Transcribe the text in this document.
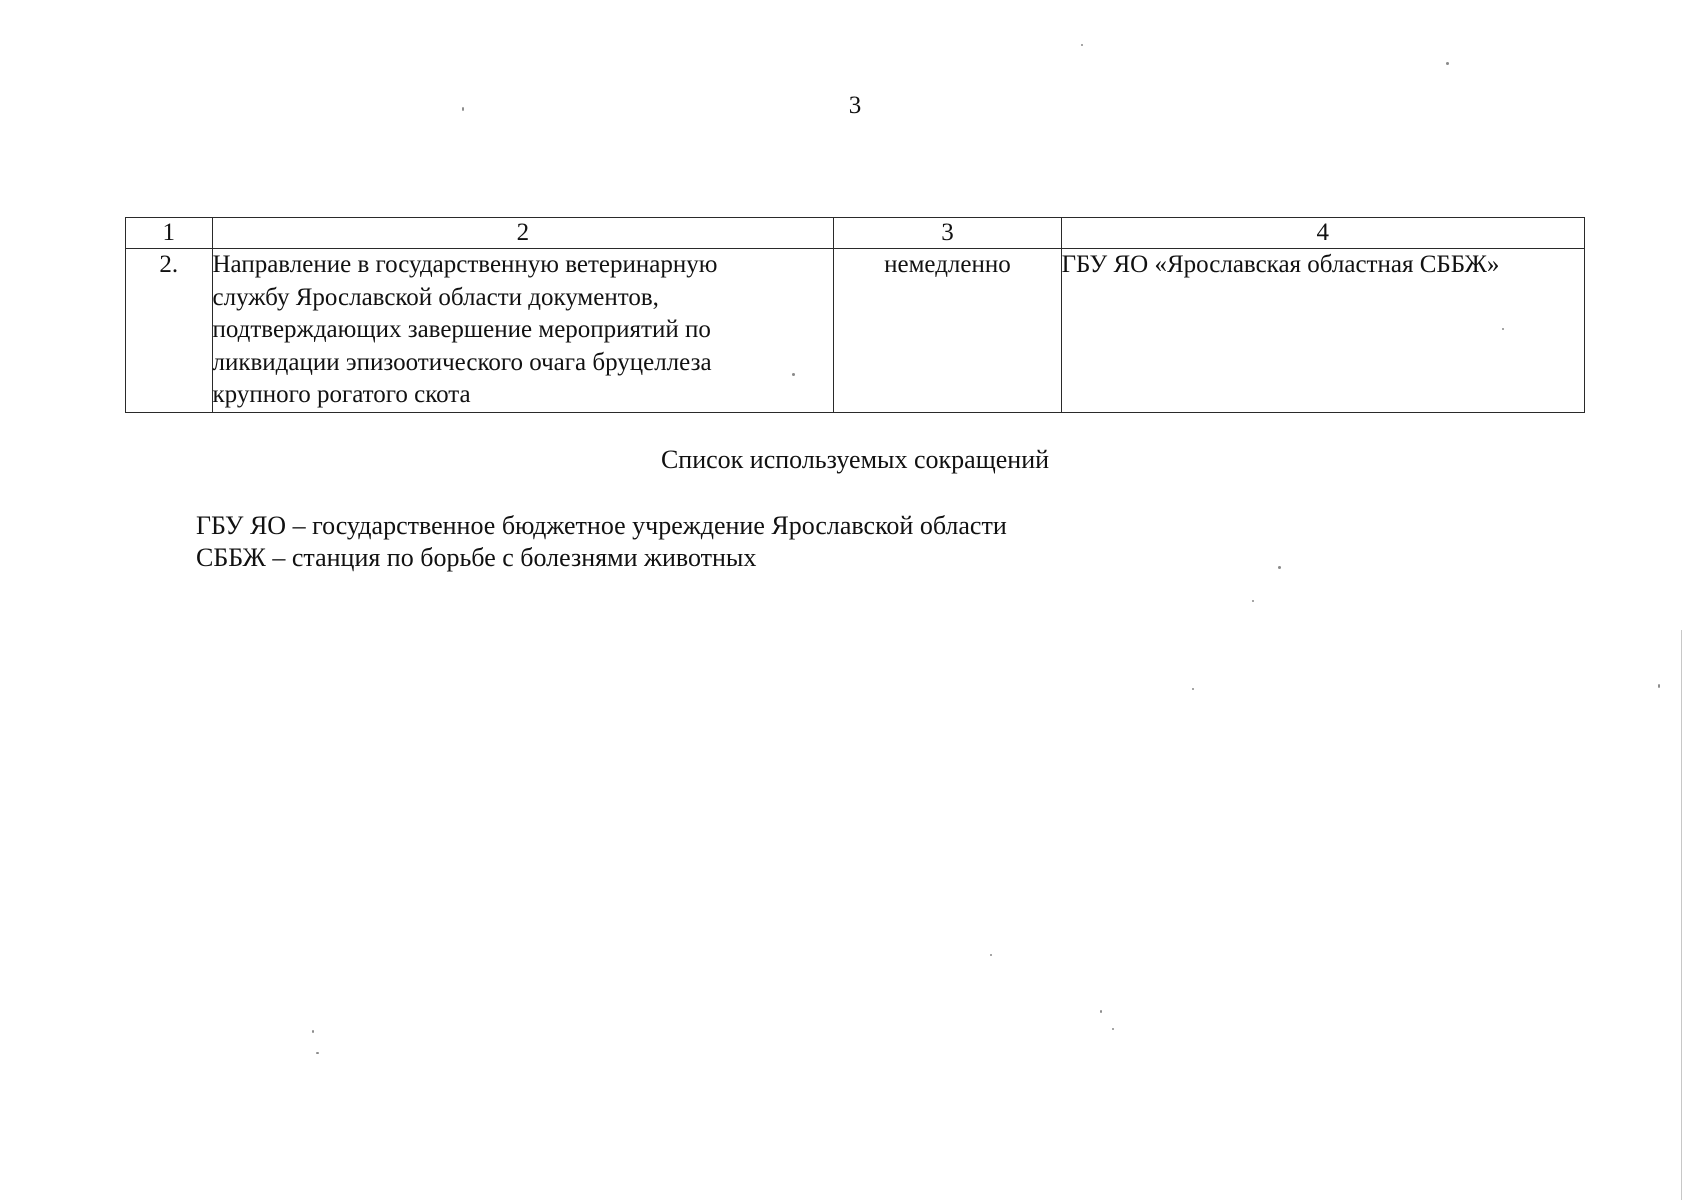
3
1	2	3	4
2.	Направление в государственную ветеринарную
службу Ярославской области документов,
подтверждающих завершение мероприятий по
ликвидации эпизоотического очага бруцеллеза
крупного рогатого скота	немедленно	ГБУ ЯО «Ярославская областная СББЖ»
Список используемых сокращений
ГБУ ЯО – государственное бюджетное учреждение Ярославской области
СББЖ – станция по борьбе с болезнями животных
